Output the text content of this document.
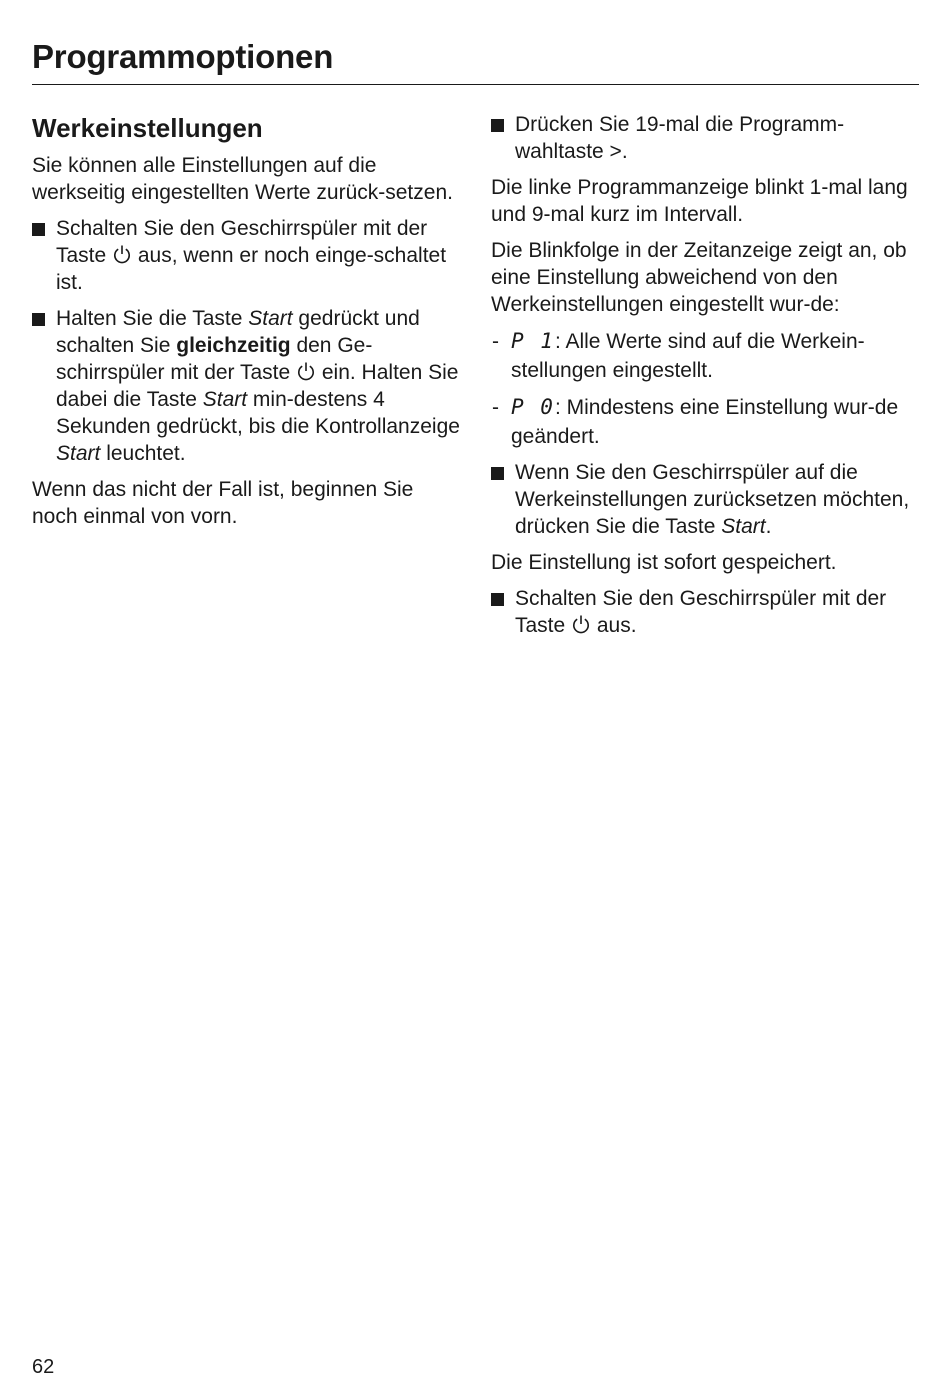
Programmoptionen
Werkeinstellungen

Sie können alle Einstellungen auf die werkseitig eingestellten Werte zurück-setzen.

Schalten Sie den Geschirrspüler mit der Taste  aus, wenn er noch einge-schaltet ist.

Halten Sie die Taste Start gedrückt und schalten Sie gleichzeitig den Ge-schirrspüler mit der Taste  ein. Halten Sie dabei die Taste Start min-destens 4 Sekunden gedrückt, bis die Kontrollanzeige Start leuchtet.

Wenn das nicht der Fall ist, beginnen Sie noch einmal von vorn.

Drücken Sie 19-mal die Programm-wahltaste >.

Die linke Programmanzeige blinkt 1-mal lang und 9-mal kurz im Intervall.

Die Blinkfolge in der Zeitanzeige zeigt an, ob eine Einstellung abweichend von den Werkeinstellungen eingestellt wur-de:

- P 1: Alle Werte sind auf die Werkein-stellungen eingestellt.

- P 0: Mindestens eine Einstellung wur-de geändert.

Wenn Sie den Geschirrspüler auf die Werkeinstellungen zurücksetzen möchten, drücken Sie die Taste Start.

Die Einstellung ist sofort gespeichert.

Schalten Sie den Geschirrspüler mit der Taste  aus.

62
